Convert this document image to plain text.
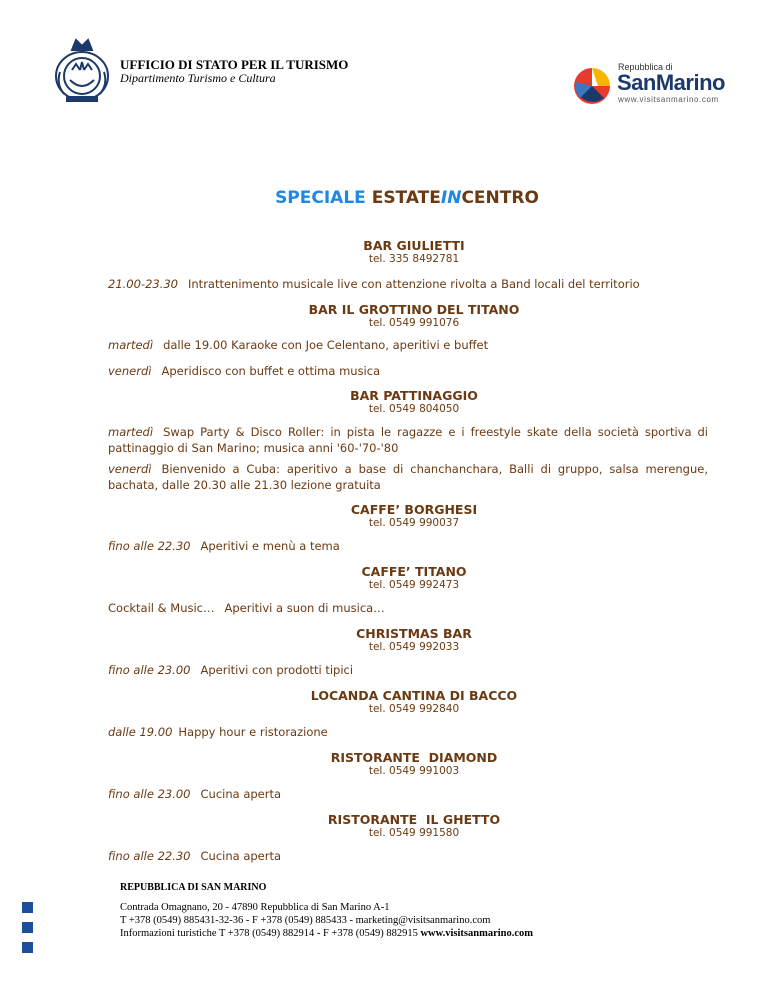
UFFICIO DI STATO PER IL TURISMO
Dipartimento Turismo e Cultura
Repubblica di
SanMarino
www.visitsanmarino.com
SPECIALE ESTATEINCENTRO
BAR GIULIETTI
tel. 335 8492781
21.00-23.30 Intrattenimento musicale live con attenzione rivolta a Band locali del territorio
BAR IL GROTTINO DEL TITANO
tel. 0549 991076
martedì dalle 19.00 Karaoke con Joe Celentano, aperitivi e buffet
venerdì Aperidisco con buffet e ottima musica
BAR PATTINAGGIO
tel. 0549 804050
martedì Swap Party & Disco Roller: in pista le ragazze e i freestyle skate della società sportiva di pattinaggio di San Marino; musica anni '60-'70-'80
venerdì Bienvenido a Cuba: aperitivo a base di chanchanchara, Balli di gruppo, salsa merengue, bachata, dalle 20.30 alle 21.30 lezione gratuita
CAFFE’ BORGHESI
tel. 0549 990037
fino alle 22.30 Aperitivi e menù a tema
CAFFE’ TITANO
tel. 0549 992473
Cocktail & Music… Aperitivi a suon di musica…
CHRISTMAS BAR
tel. 0549 992033
fino alle 23.00 Aperitivi con prodotti tipici
LOCANDA CANTINA DI BACCO
tel. 0549 992840
dalle 19.00 Happy hour e ristorazione
RISTORANTE  DIAMOND
tel. 0549 991003
fino alle 23.00 Cucina aperta
RISTORANTE  IL GHETTO
tel. 0549 991580
fino alle 22.30 Cucina aperta
REPUBBLICA DI SAN MARINO
Contrada Omagnano, 20 - 47890 Repubblica di San Marino A-1
T +378 (0549) 885431-32-36 - F +378 (0549) 885433 - marketing@visitsanmarino.com
Informazioni turistiche T +378 (0549) 882914 - F +378 (0549) 882915 www.visitsanmarino.com
